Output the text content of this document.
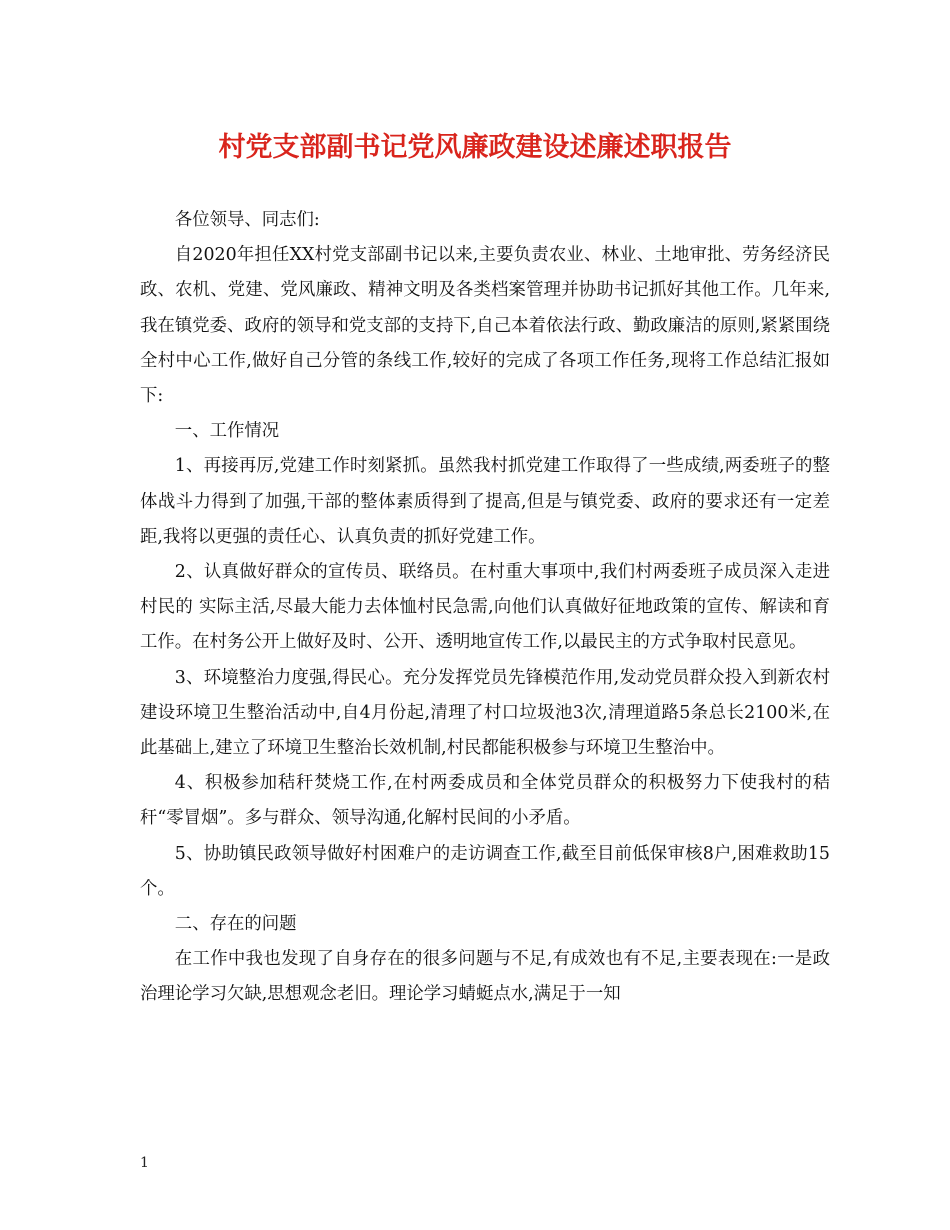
村党支部副书记党风廉政建设述廉述职报告

各位领导、同志们:

自2020年担任XX村党支部副书记以来,主要负责农业、林业、土地审批、劳务经济民政、农机、党建、党风廉政、精神文明及各类档案管理并协助书记抓好其他工作。几年来,我在镇党委、政府的领导和党支部的支持下,自己本着依法行政、勤政廉洁的原则,紧紧围绕全村中心工作,做好自己分管的条线工作,较好的完成了各项工作任务,现将工作总结汇报如下:

一、工作情况

1、再接再厉,党建工作时刻紧抓。虽然我村抓党建工作取得了一些成绩,两委班子的整体战斗力得到了加强,干部的整体素质得到了提高,但是与镇党委、政府的要求还有一定差距,我将以更强的责任心、认真负责的抓好党建工作。

2、认真做好群众的宣传员、联络员。在村重大事项中,我们村两委班子成员深入走进村民的 实际主活,尽最大能力去体恤村民急需,向他们认真做好征地政策的宣传、解读和育工作。在村务公开上做好及时、公开、透明地宣传工作,以最民主的方式争取村民意见。

3、环境整治力度强,得民心。充分发挥党员先锋模范作用,发动党员群众投入到新农村建设环境卫生整治活动中,自4月份起,清理了村口垃圾池3次,清理道路5条总长2100米,在此基础上,建立了环境卫生整治长效机制,村民都能积极参与环境卫生整治中。

4、积极参加秸秆焚烧工作,在村两委成员和全体党员群众的积极努力下使我村的秸秆“零冒烟”。多与群众、领导沟通,化解村民间的小矛盾。

5、协助镇民政领导做好村困难户的走访调查工作,截至目前低保审核8户,困难救助15个。

二、存在的问题

在工作中我也发现了自身存在的很多问题与不足,有成效也有不足,主要表现在:一是政治理论学习欠缺,思想观念老旧。理论学习蜻蜓点水,满足于一知

1
